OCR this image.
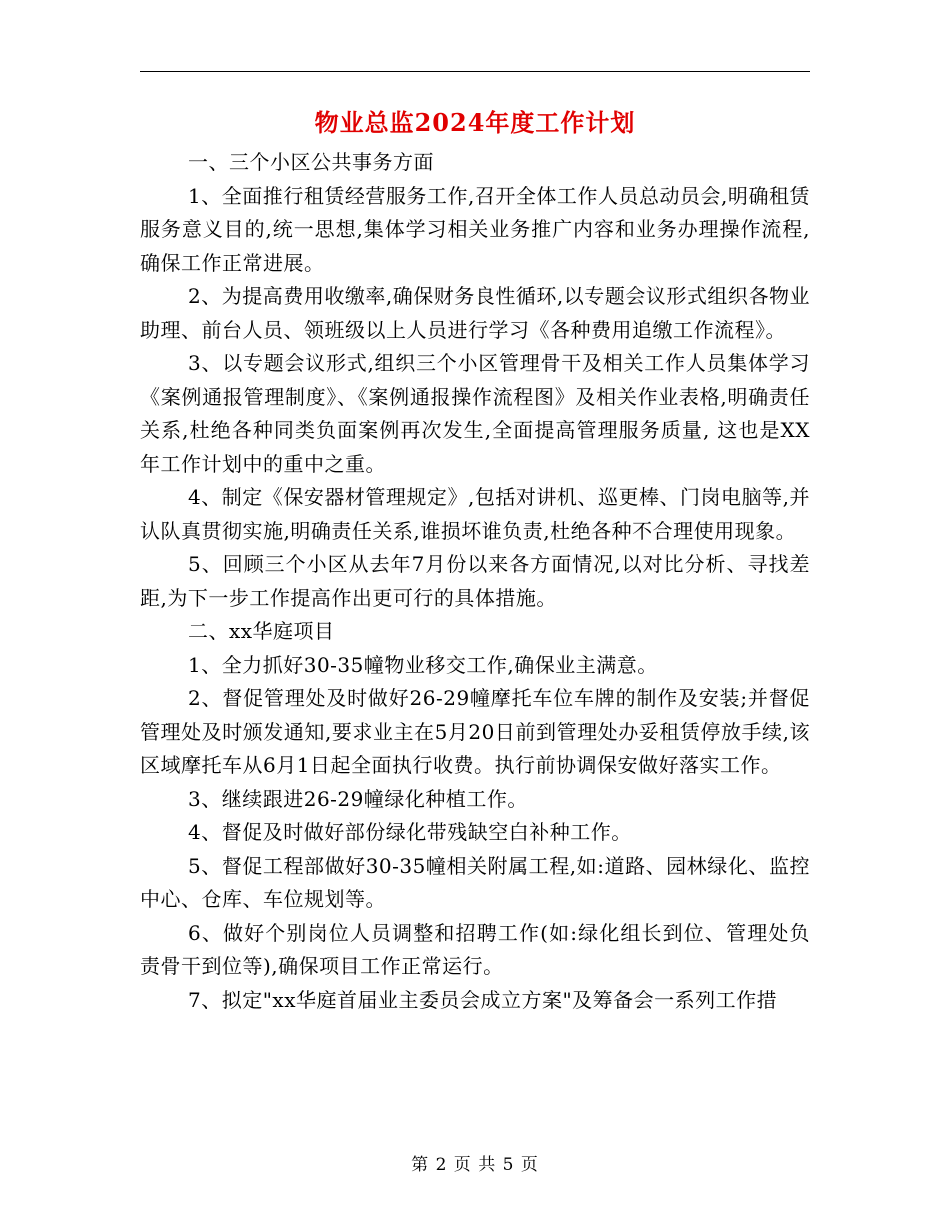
物业总监2024年度工作计划

一、三个小区公共事务方面

1、全面推行租赁经营服务工作,召开全体工作人员总动员会,明确租赁服务意义目的,统一思想,集体学习相关业务推广内容和业务办理操作流程,确保工作正常进展。

2、为提高费用收缴率,确保财务良性循环,以专题会议形式组织各物业助理、前台人员、领班级以上人员进行学习《各种费用追缴工作流程》。

3、以专题会议形式,组织三个小区管理骨干及相关工作人员集体学习《案例通报管理制度》、《案例通报操作流程图》及相关作业表格,明确责任关系,杜绝各种同类负面案例再次发生,全面提高管理服务质量, 这也是XX年工作计划中的重中之重。

4、制定《保安器材管理规定》,包括对讲机、巡更棒、门岗电脑等,并认队真贯彻实施,明确责任关系,谁损坏谁负责,杜绝各种不合理使用现象。

5、回顾三个小区从去年7月份以来各方面情况,以对比分析、寻找差距,为下一步工作提高作出更可行的具体措施。

二、xx华庭项目

1、全力抓好30-35幢物业移交工作,确保业主满意。

2、督促管理处及时做好26-29幢摩托车位车牌的制作及安装;并督促管理处及时颁发通知,要求业主在5月20日前到管理处办妥租赁停放手续,该区域摩托车从6月1日起全面执行收费。执行前协调保安做好落实工作。

3、继续跟进26-29幢绿化种植工作。

4、督促及时做好部份绿化带残缺空白补种工作。

5、督促工程部做好30-35幢相关附属工程,如:道路、园林绿化、监控中心、仓库、车位规划等。

6、做好个别岗位人员调整和招聘工作(如:绿化组长到位、管理处负责骨干到位等),确保项目工作正常运行。

7、拟定"xx华庭首届业主委员会成立方案"及筹备会一系列工作措

第 2 页 共 5 页
